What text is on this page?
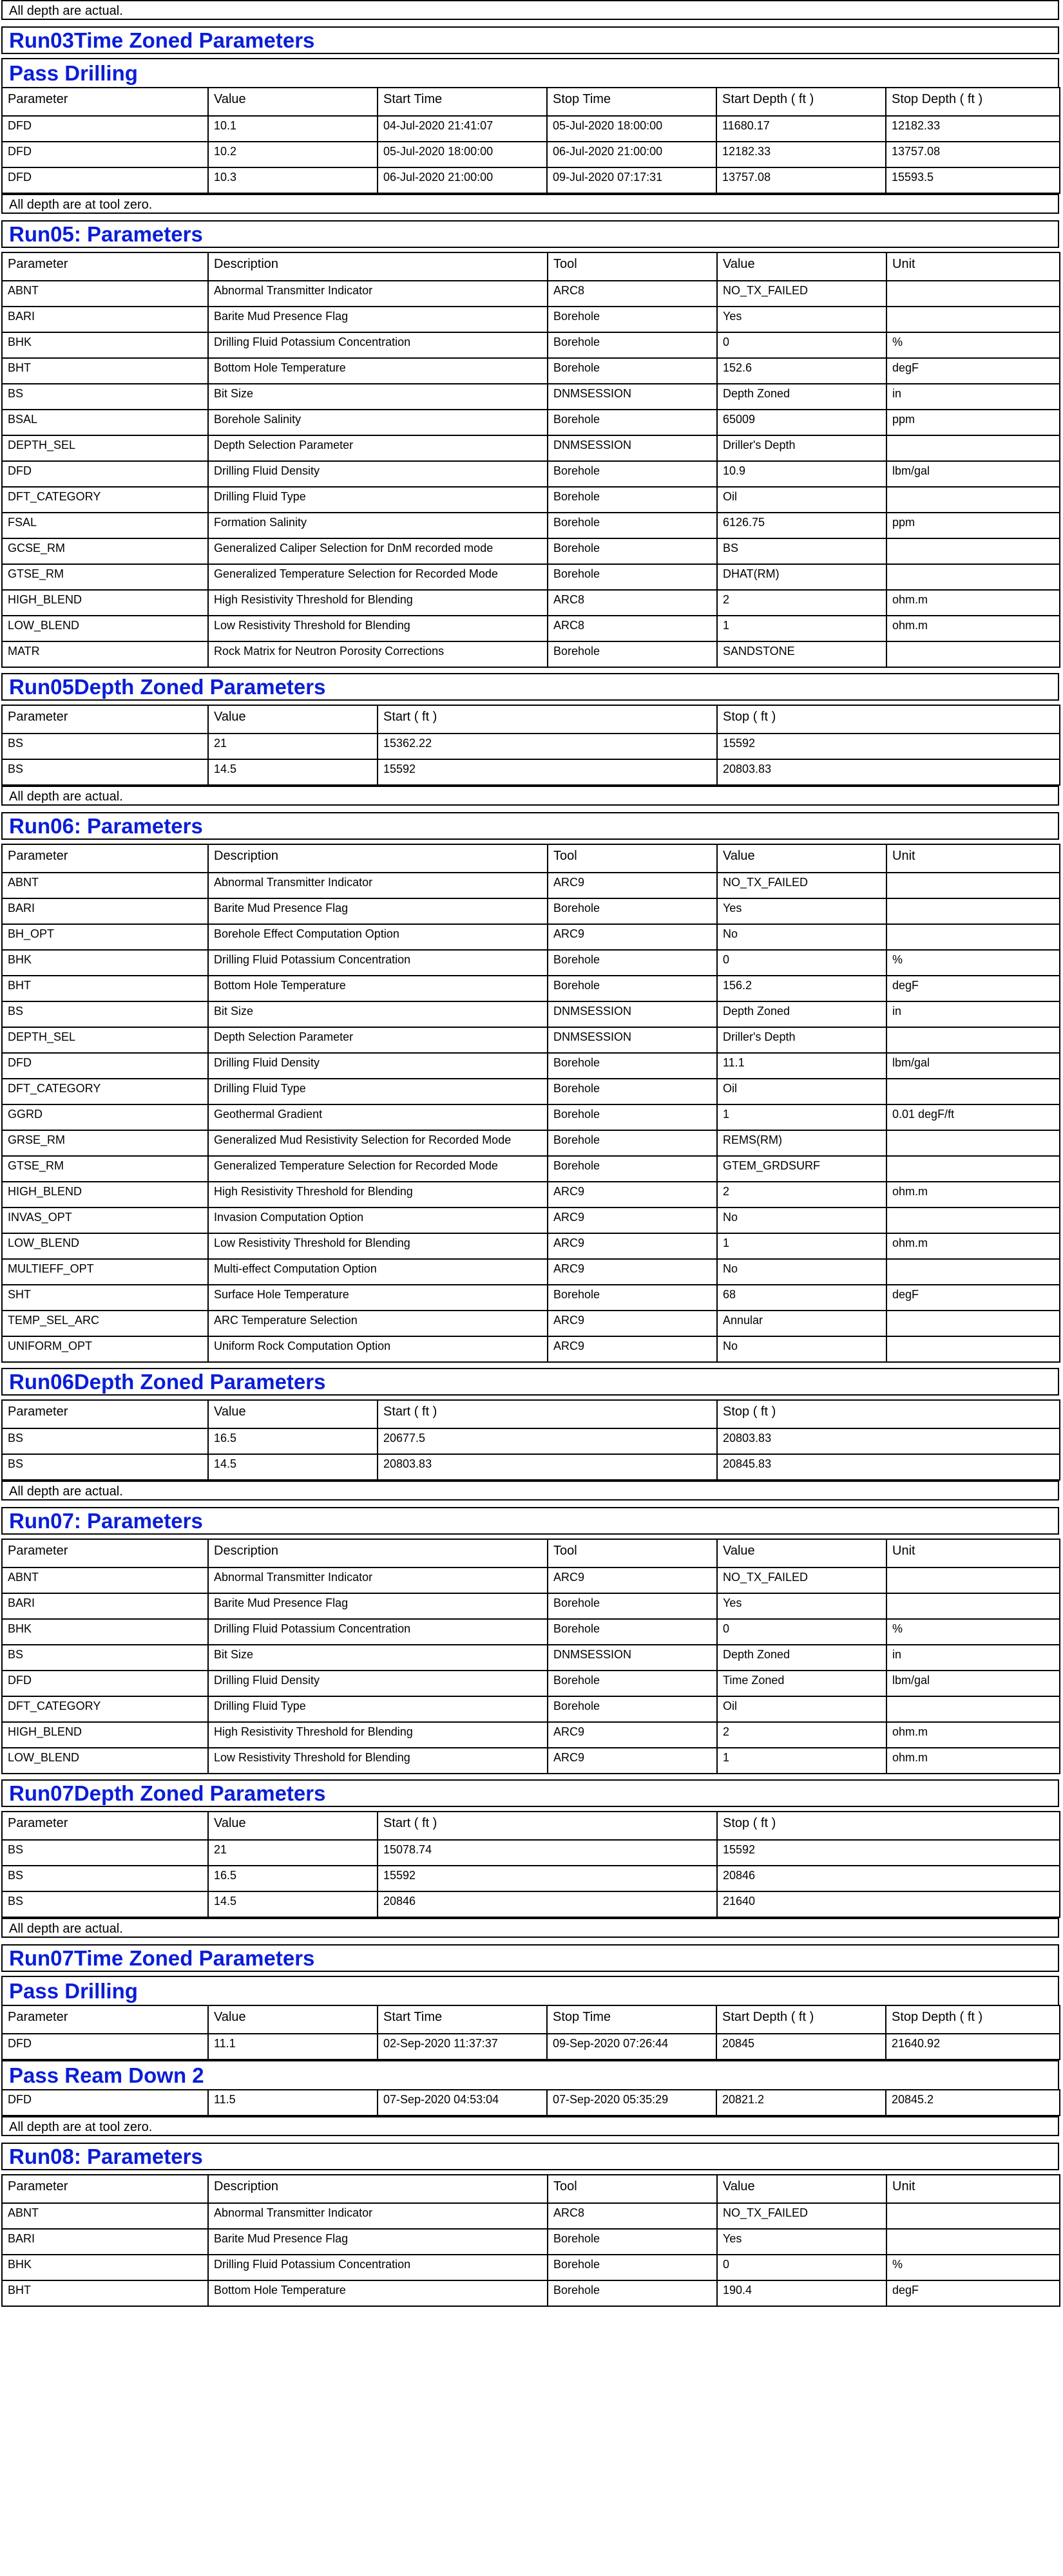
All depth are actual.
Run03Time Zoned Parameters
Pass Drilling
Parameter	Value	Start Time	Stop Time	Start Depth ( ft )	Stop Depth ( ft )
DFD	10.1	04-Jul-2020 21:41:07	05-Jul-2020 18:00:00	11680.17	12182.33
DFD	10.2	05-Jul-2020 18:00:00	06-Jul-2020 21:00:00	12182.33	13757.08
DFD	10.3	06-Jul-2020 21:00:00	09-Jul-2020 07:17:31	13757.08	15593.5
All depth are at tool zero.
Run05: Parameters
Parameter	Description	Tool	Value	Unit
ABNT	Abnormal Transmitter Indicator	ARC8	NO_TX_FAILED	
BARI	Barite Mud Presence Flag	Borehole	Yes	
BHK	Drilling Fluid Potassium Concentration	Borehole	0	%
BHT	Bottom Hole Temperature	Borehole	152.6	degF
BS	Bit Size	DNMSESSION	Depth Zoned	in
BSAL	Borehole Salinity	Borehole	65009	ppm
DEPTH_SEL	Depth Selection Parameter	DNMSESSION	Driller's Depth	
DFD	Drilling Fluid Density	Borehole	10.9	lbm/gal
DFT_CATEGORY	Drilling Fluid Type	Borehole	Oil	
FSAL	Formation Salinity	Borehole	6126.75	ppm
GCSE_RM	Generalized Caliper Selection for DnM recorded mode	Borehole	BS	
GTSE_RM	Generalized Temperature Selection for Recorded Mode	Borehole	DHAT(RM)	
HIGH_BLEND	High Resistivity Threshold for Blending	ARC8	2	ohm.m
LOW_BLEND	Low Resistivity Threshold for Blending	ARC8	1	ohm.m
MATR	Rock Matrix for Neutron Porosity Corrections	Borehole	SANDSTONE	
Run05Depth Zoned Parameters
Parameter	Value	Start ( ft )	Stop ( ft )
BS	21	15362.22	15592
BS	14.5	15592	20803.83
All depth are actual.
Run06: Parameters
Parameter	Description	Tool	Value	Unit
ABNT	Abnormal Transmitter Indicator	ARC9	NO_TX_FAILED	
BARI	Barite Mud Presence Flag	Borehole	Yes	
BH_OPT	Borehole Effect Computation Option	ARC9	No	
BHK	Drilling Fluid Potassium Concentration	Borehole	0	%
BHT	Bottom Hole Temperature	Borehole	156.2	degF
BS	Bit Size	DNMSESSION	Depth Zoned	in
DEPTH_SEL	Depth Selection Parameter	DNMSESSION	Driller's Depth	
DFD	Drilling Fluid Density	Borehole	11.1	lbm/gal
DFT_CATEGORY	Drilling Fluid Type	Borehole	Oil	
GGRD	Geothermal Gradient	Borehole	1	0.01 degF/ft
GRSE_RM	Generalized Mud Resistivity Selection for Recorded Mode	Borehole	REMS(RM)	
GTSE_RM	Generalized Temperature Selection for Recorded Mode	Borehole	GTEM_GRDSURF	
HIGH_BLEND	High Resistivity Threshold for Blending	ARC9	2	ohm.m
INVAS_OPT	Invasion Computation Option	ARC9	No	
LOW_BLEND	Low Resistivity Threshold for Blending	ARC9	1	ohm.m
MULTIEFF_OPT	Multi-effect Computation Option	ARC9	No	
SHT	Surface Hole Temperature	Borehole	68	degF
TEMP_SEL_ARC	ARC Temperature Selection	ARC9	Annular	
UNIFORM_OPT	Uniform Rock Computation Option	ARC9	No	
Run06Depth Zoned Parameters
Parameter	Value	Start ( ft )	Stop ( ft )
BS	16.5	20677.5	20803.83
BS	14.5	20803.83	20845.83
All depth are actual.
Run07: Parameters
Parameter	Description	Tool	Value	Unit
ABNT	Abnormal Transmitter Indicator	ARC9	NO_TX_FAILED	
BARI	Barite Mud Presence Flag	Borehole	Yes	
BHK	Drilling Fluid Potassium Concentration	Borehole	0	%
BS	Bit Size	DNMSESSION	Depth Zoned	in
DFD	Drilling Fluid Density	Borehole	Time Zoned	lbm/gal
DFT_CATEGORY	Drilling Fluid Type	Borehole	Oil	
HIGH_BLEND	High Resistivity Threshold for Blending	ARC9	2	ohm.m
LOW_BLEND	Low Resistivity Threshold for Blending	ARC9	1	ohm.m
Run07Depth Zoned Parameters
Parameter	Value	Start ( ft )	Stop ( ft )
BS	21	15078.74	15592
BS	16.5	15592	20846
BS	14.5	20846	21640
All depth are actual.
Run07Time Zoned Parameters
Pass Drilling
Parameter	Value	Start Time	Stop Time	Start Depth ( ft )	Stop Depth ( ft )
DFD	11.1	02-Sep-2020 11:37:37	09-Sep-2020 07:26:44	20845	21640.92
Pass Ream Down 2
DFD	11.5	07-Sep-2020 04:53:04	07-Sep-2020 05:35:29	20821.2	20845.2
All depth are at tool zero.
Run08: Parameters
Parameter	Description	Tool	Value	Unit
ABNT	Abnormal Transmitter Indicator	ARC8	NO_TX_FAILED	
BARI	Barite Mud Presence Flag	Borehole	Yes	
BHK	Drilling Fluid Potassium Concentration	Borehole	0	%
BHT	Bottom Hole Temperature	Borehole	190.4	degF
